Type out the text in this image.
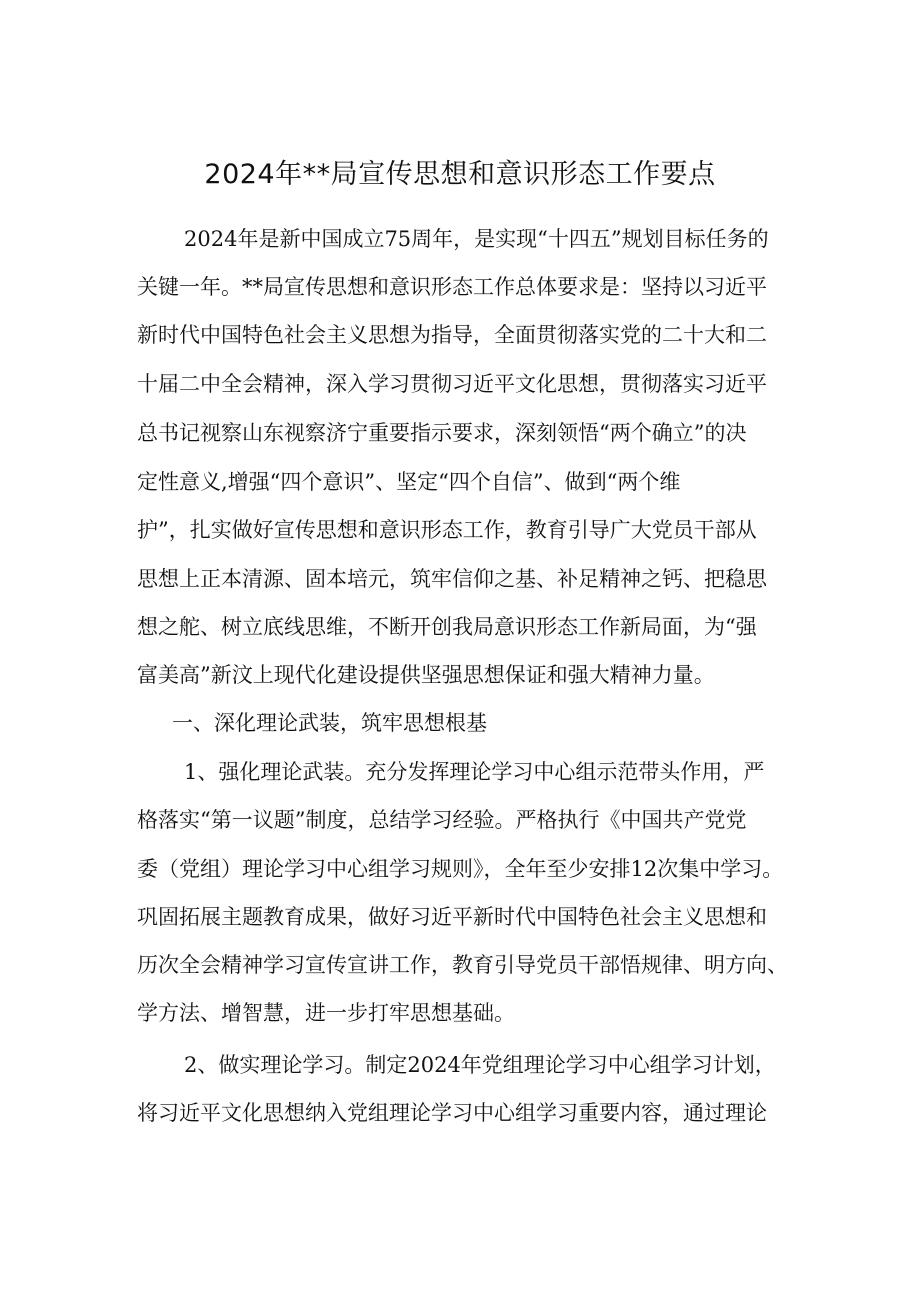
2024年**局宣传思想和意识形态工作要点
2024年是新中国成立75周年，是实现“十四五”规划目标任务的
关键一年。**局宣传思想和意识形态工作总体要求是：坚持以习近平
新时代中国特色社会主义思想为指导，全面贯彻落实党的二十大和二
十届二中全会精神，深入学习贯彻习近平文化思想，贯彻落实习近平
总书记视察山东视察济宁重要指示要求，深刻领悟“两个确立”的决
定性意义,增强“四个意识”、坚定“四个自信”、做到“两个维
护”，扎实做好宣传思想和意识形态工作，教育引导广大党员干部从
思想上正本清源、固本培元，筑牢信仰之基、补足精神之钙、把稳思
想之舵、树立底线思维，不断开创我局意识形态工作新局面，为“强
富美高”新汶上现代化建设提供坚强思想保证和强大精神力量。
一、深化理论武装，筑牢思想根基
1、强化理论武装。充分发挥理论学习中心组示范带头作用，严
格落实“第一议题”制度，总结学习经验。严格执行《中国共产党党
委（党组）理论学习中心组学习规则》，全年至少安排12次集中学习。
巩固拓展主题教育成果，做好习近平新时代中国特色社会主义思想和
历次全会精神学习宣传宣讲工作，教育引导党员干部悟规律、明方向、
学方法、增智慧，进一步打牢思想基础。
2、做实理论学习。制定2024年党组理论学习中心组学习计划，
将习近平文化思想纳入党组理论学习中心组学习重要内容，通过理论
